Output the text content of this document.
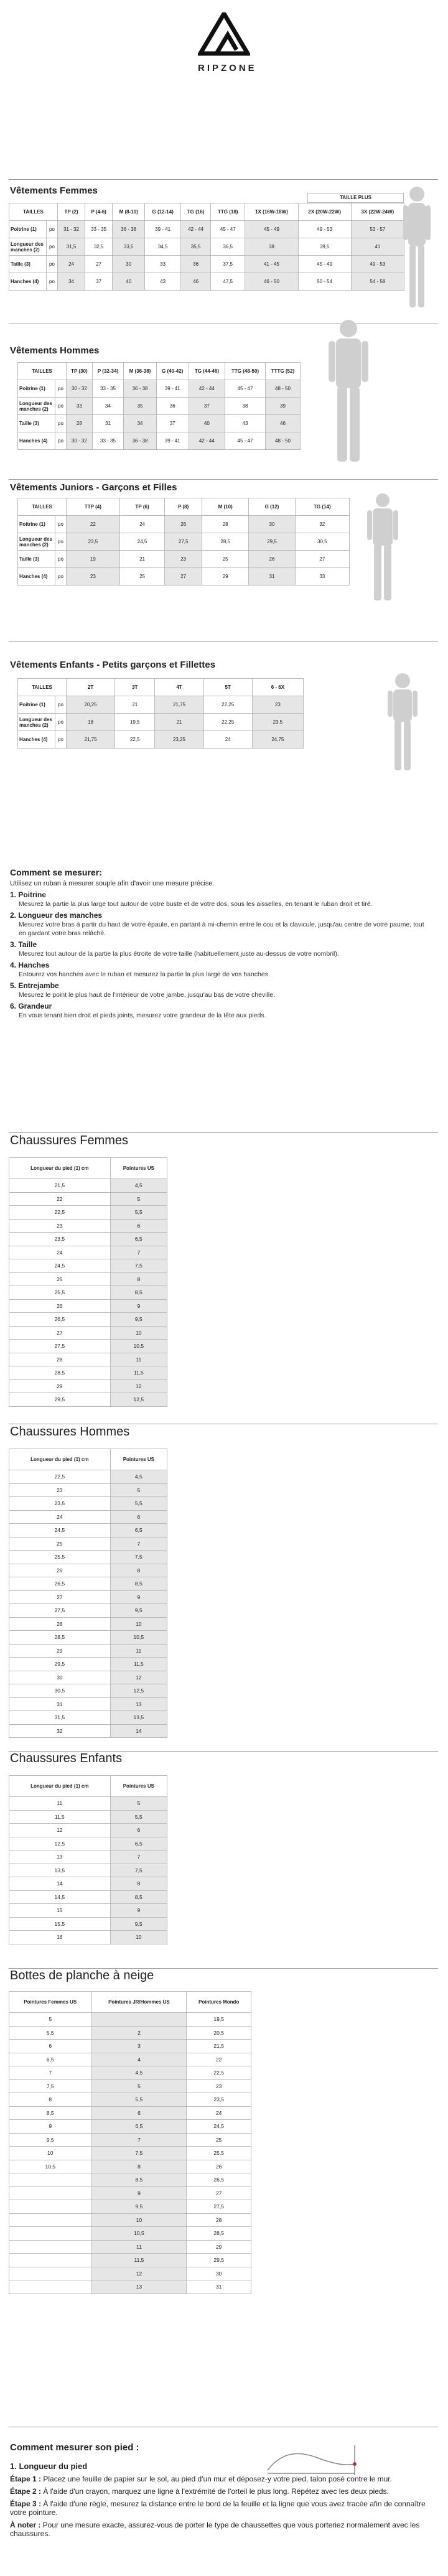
RIPZONE
Vêtements Femmes
TAILLE PLUS
TAILLES		TP (2)	P (4-6)	M (8-10)	G (12-14)	TG (16)	TTG (18)	1X (16W-18W)	2X (20W-22W)	3X (22W-24W)
Poitrine (1)	po	31 - 32	33 - 35	36 - 38	39 - 41	42 - 44	45 - 47	45 - 49	49 - 53	53 - 57
Longueur des manches (2)	po	31,5	32,5	33,5	34,5	35,5	36,5	38	39,5	41
Taille (3)	po	24	27	30	33	36	37,5	41 - 45	45 - 49	49 - 53
Hanches (4)	po	34	37	40	43	46	47,5	46 - 50	50 - 54	54 - 58
Vêtements Hommes
TAILLES		TP (30)	P (32-34)	M (36-38)	G (40-42)	TG (44-46)	TTG (48-50)	TTTG (52)
Poitrine (1)	po	30 - 32	33 - 35	36 - 38	39 - 41	42 - 44	45 - 47	48 - 50
Longueur des manches (2)	po	33	34	35	36	37	38	39
Taille (3)	po	28	31	34	37	40	43	46
Hanches (4)	po	30 - 32	33 - 35	36 - 38	39 - 41	42 - 44	45 - 47	48 - 50
Vêtements Juniors - Garçons et Filles
TAILLES		TTP (4)	TP (6)	P (8)	M (10)	G (12)	TG (14)
Poitrine (1)	po	22	24	26	28	30	32
Longueur des manches (2)	po	23,5	24,5	27,5	28,5	29,5	30,5
Taille (3)	po	19	21	23	25	26	27
Hanches (4)	po	23	25	27	29	31	33
Vêtements Enfants - Petits garçons et Fillettes
TAILLES		2T	3T	4T	5T	6 - 6X
Poitrine (1)	po	20,25	21	21,75	22,25	23
Longueur des manches (2)	po	18	19,5	21	22,25	23,5
Hanches (4)	po	21,75	22,5	23,25	24	24,75
Comment se mesurer:
Utilisez un ruban à mesurer souple afin d'avoir une mesure précise.
1. Poitrine
Mesurez la partie la plus large tout autour de votre buste et de votre dos, sous les aisselles, en tenant le ruban droit et tiré.
2. Longueur des manches
Mesurez votre bras à partir du haut de votre épaule, en partant à mi-chemin entre le cou et la clavicule, jusqu'au centre de votre paume, tout en gardant votre bras relâché.
3. Taille
Mesurez tout autour de la partie la plus étroite de votre taille (habituellement juste au-dessus de votre nombril).
4. Hanches
Entourez vos hanches avec le ruban et mesurez la partie la plus large de vos hanches.
5. Entrejambe
Mesurez le point le plus haut de l'intérieur de votre jambe, jusqu'au bas de votre cheville.
6. Grandeur
En vous tenant bien droit et pieds joints, mesurez votre grandeur de la tête aux pieds.
Chaussures Femmes
Longueur du pied (1) cm	Pointures US
21,5	4,5
22	5
22,5	5,5
23	6
23,5	6,5
24	7
24,5	7,5
25	8
25,5	8,5
26	9
26,5	9,5
27	10
27,5	10,5
28	11
28,5	11,5
29	12
29,5	12,5
Chaussures Hommes
Longueur du pied (1) cm	Pointures US
22,5	4,5
23	5
23,5	5,5
24	6
24,5	6,5
25	7
25,5	7,5
26	8
26,5	8,5
27	9
27,5	9,5
28	10
28,5	10,5
29	11
29,5	11,5
30	12
30,5	12,5
31	13
31,5	13,5
32	14
Chaussures Enfants
Longueur du pied (1) cm	Pointures US
11	5
11,5	5,5
12	6
12,5	6,5
13	7
13,5	7,5
14	8
14,5	8,5
15	9
15,5	9,5
16	10
Bottes de planche à neige
Pointures Femmes US	Pointures JR/Hommes US	Pointures Mondo
5		19,5
5,5	2	20,5
6	3	21,5
6,5	4	22
7	4,5	22,5
7,5	5	23
8	5,5	23,5
8,5	6	24
9	6,5	24,5
9,5	7	25
10	7,5	25,5
10,5	8	26
	8,5	26,5
	9	27
	9,5	27,5
	10	28
	10,5	28,5
	11	29
	11,5	29,5
	12	30
	13	31
Comment mesurer son pied :
1. Longueur du pied
Étape 1 : Placez une feuille de papier sur le sol, au pied d'un mur et déposez-y votre pied, talon posé contre le mur.
Étape 2 : À l'aide d'un crayon, marquez une ligne à l'extrémité de l'orteil le plus long. Répétez avec les deux pieds.
Étape 3 : À l'aide d'une règle, mesurez la distance entre le bord de la feuille et la ligne que vous avez tracée afin de connaître votre pointure.
À noter : Pour une mesure exacte, assurez-vous de porter le type de chaussettes que vous porteriez normalement avec les chaussures.
